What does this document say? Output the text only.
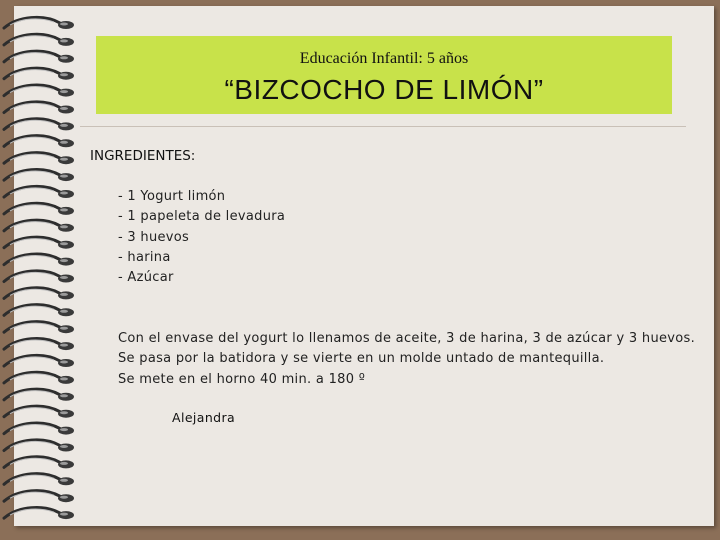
Educación Infantil: 5 años
“BIZCOCHO DE LIMÓN”
INGREDIENTES:
- 1 Yogurt limón
- 1 papeleta de levadura
- 3 huevos
- harina
- Azúcar
Con el envase del yogurt lo llenamos de aceite, 3 de harina, 3 de azúcar y 3 huevos.
Se pasa por la batidora y se vierte en un molde untado de mantequilla.
Se mete en el horno 40 min. a 180 º
Alejandra
